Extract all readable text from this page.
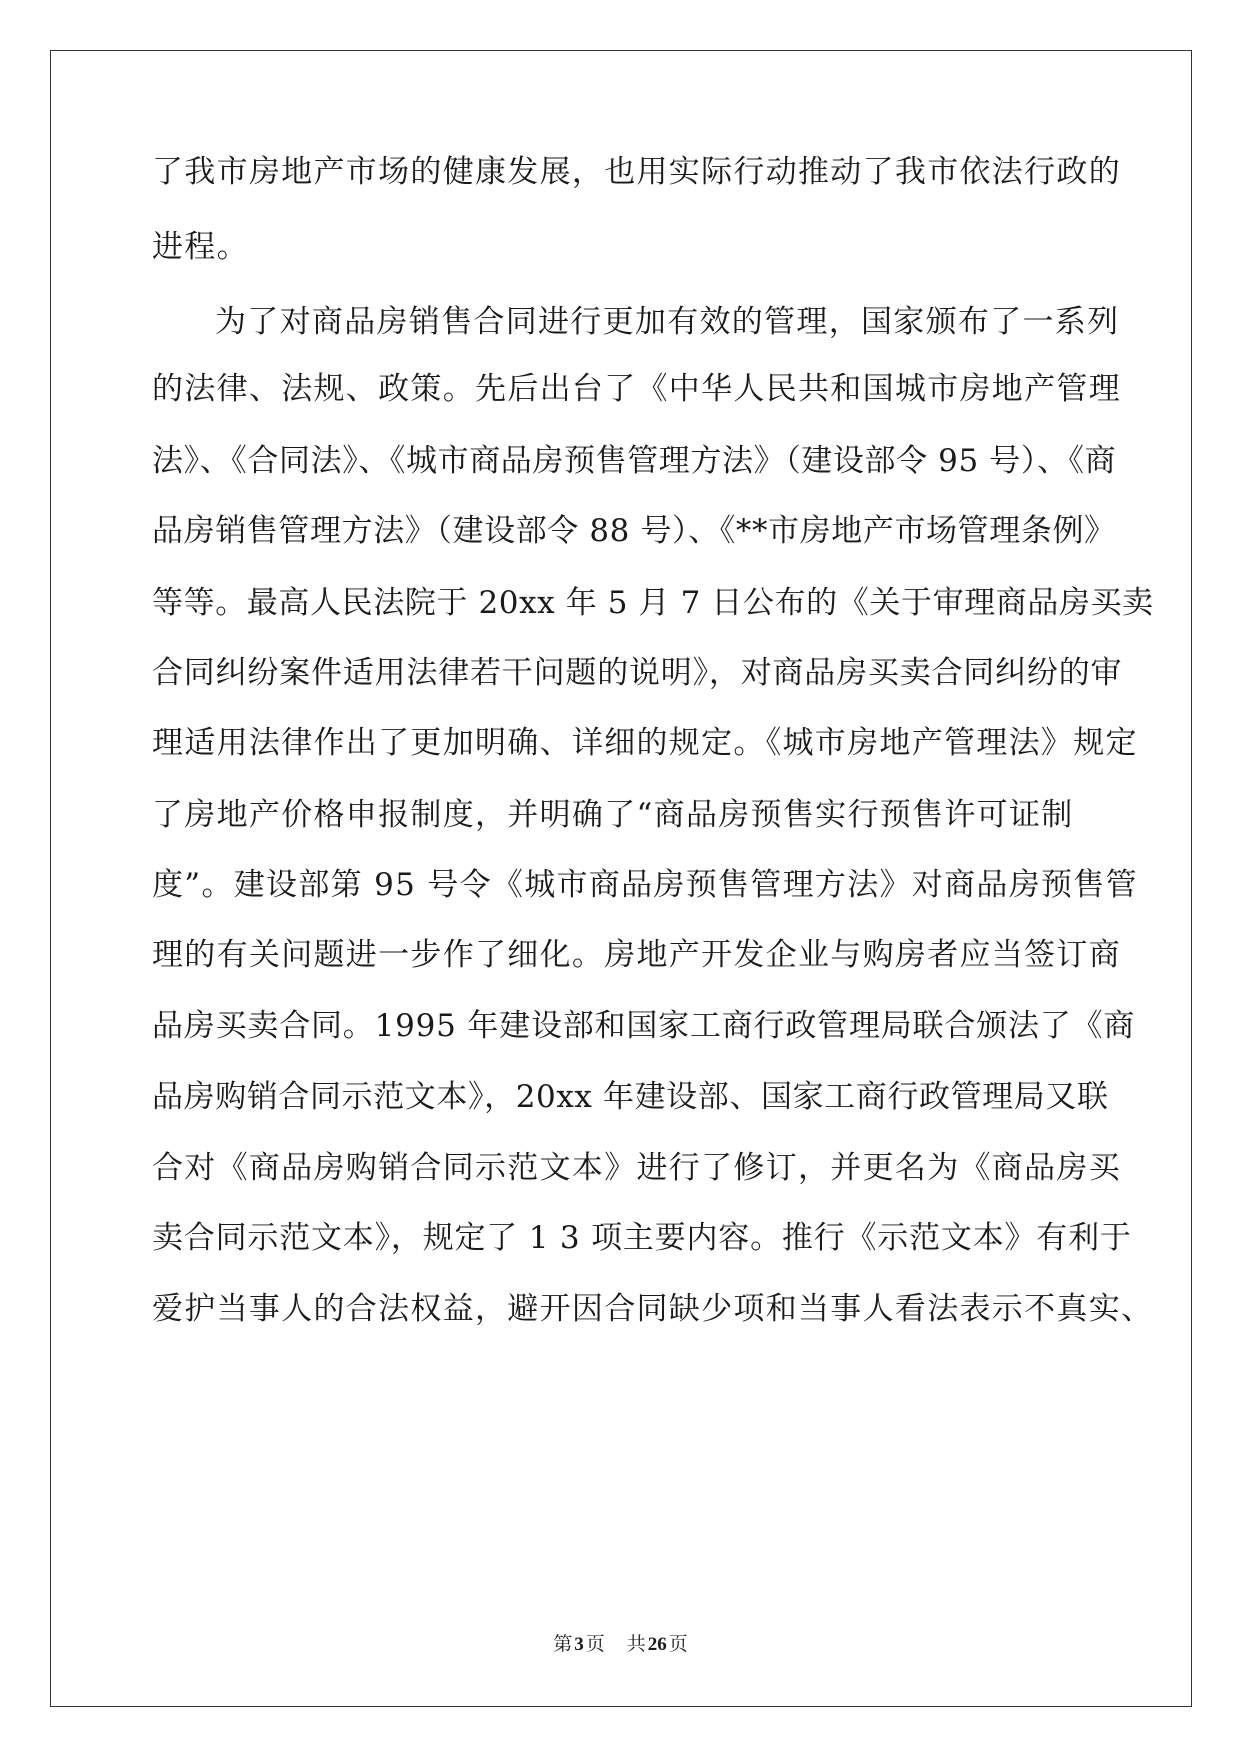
了我市房地产市场的健康发展，也用实际行动推动了我市依法行政的
进程。
为了对商品房销售合同进行更加有效的管理，国家颁布了一系列
的法律、法规、政策。先后出台了《中华人民共和国城市房地产管理
法》、《合同法》、《城市商品房预售管理方法》（建设部令 95 号）、《商
品房销售管理方法》（建设部令 88 号）、《**市房地产市场管理条例》
等等。最高人民法院于 20xx 年 5 月 7 日公布的《关于审理商品房买卖
合同纠纷案件适用法律若干问题的说明》，对商品房买卖合同纠纷的审
理适用法律作出了更加明确、详细的规定。《城市房地产管理法》规定
了房地产价格申报制度，并明确了“商品房预售实行预售许可证制
度”。建设部第 95 号令《城市商品房预售管理方法》对商品房预售管
理的有关问题进一步作了细化。房地产开发企业与购房者应当签订商
品房买卖合同。1995 年建设部和国家工商行政管理局联合颁法了《商
品房购销合同示范文本》，20xx 年建设部、国家工商行政管理局又联
合对《商品房购销合同示范文本》进行了修订，并更名为《商品房买
卖合同示范文本》，规定了 1 3 项主要内容。推行《示范文本》有利于
爱护当事人的合法权益，避开因合同缺少项和当事人看法表示不真实、
第 3 页 共 26 页
